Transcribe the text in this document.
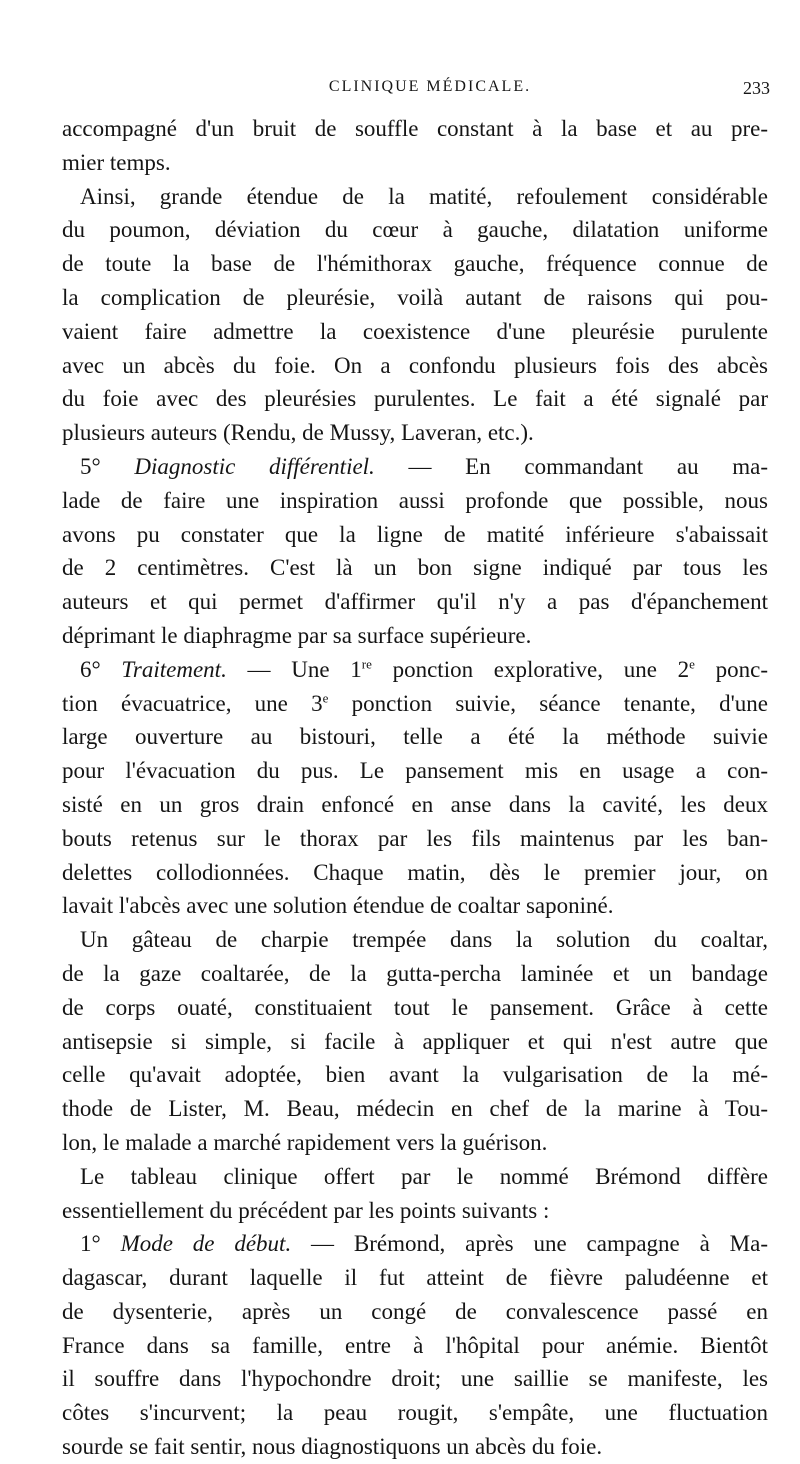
CLINIQUE MÉDICALE.	233
accompagné d'un bruit de souffle constant à la base et au pre-
mier temps.
Ainsi, grande étendue de la matité, refoulement considérable
du poumon, déviation du cœur à gauche, dilatation uniforme
de toute la base de l'hémithorax gauche, fréquence connue de
la complication de pleurésie, voilà autant de raisons qui pou-
vaient faire admettre la coexistence d'une pleurésie purulente
avec un abcès du foie. On a confondu plusieurs fois des abcès
du foie avec des pleurésies purulentes. Le fait a été signalé par
plusieurs auteurs (Rendu, de Mussy, Laveran, etc.).
5° Diagnostic différentiel. — En commandant au ma-
lade de faire une inspiration aussi profonde que possible, nous
avons pu constater que la ligne de matité inférieure s'abaissait
de 2 centimètres. C'est là un bon signe indiqué par tous les
auteurs et qui permet d'affirmer qu'il n'y a pas d'épanchement
déprimant le diaphragme par sa surface supérieure.
6° Traitement. — Une 1re ponction explorative, une 2e ponc-
tion évacuatrice, une 3e ponction suivie, séance tenante, d'une
large ouverture au bistouri, telle a été la méthode suivie
pour l'évacuation du pus. Le pansement mis en usage a con-
sisté en un gros drain enfoncé en anse dans la cavité, les deux
bouts retenus sur le thorax par les fils maintenus par les ban-
delettes collodionnées. Chaque matin, dès le premier jour, on
lavait l'abcès avec une solution étendue de coaltar saponiné.
Un gâteau de charpie trempée dans la solution du coaltar,
de la gaze coaltarée, de la gutta-percha laminée et un bandage
de corps ouaté, constituaient tout le pansement. Grâce à cette
antisepsie si simple, si facile à appliquer et qui n'est autre que
celle qu'avait adoptée, bien avant la vulgarisation de la mé-
thode de Lister, M. Beau, médecin en chef de la marine à Tou-
lon, le malade a marché rapidement vers la guérison.
Le tableau clinique offert par le nommé Brémond diffère
essentiellement du précédent par les points suivants :
1° Mode de début. — Brémond, après une campagne à Ma-
dagascar, durant laquelle il fut atteint de fièvre paludéenne et
de dysenterie, après un congé de convalescence passé en
France dans sa famille, entre à l'hôpital pour anémie. Bientôt
il souffre dans l'hypochondre droit; une saillie se manifeste, les
côtes s'incurvent; la peau rougit, s'empâte, une fluctuation
sourde se fait sentir, nous diagnostiquons un abcès du foie.
